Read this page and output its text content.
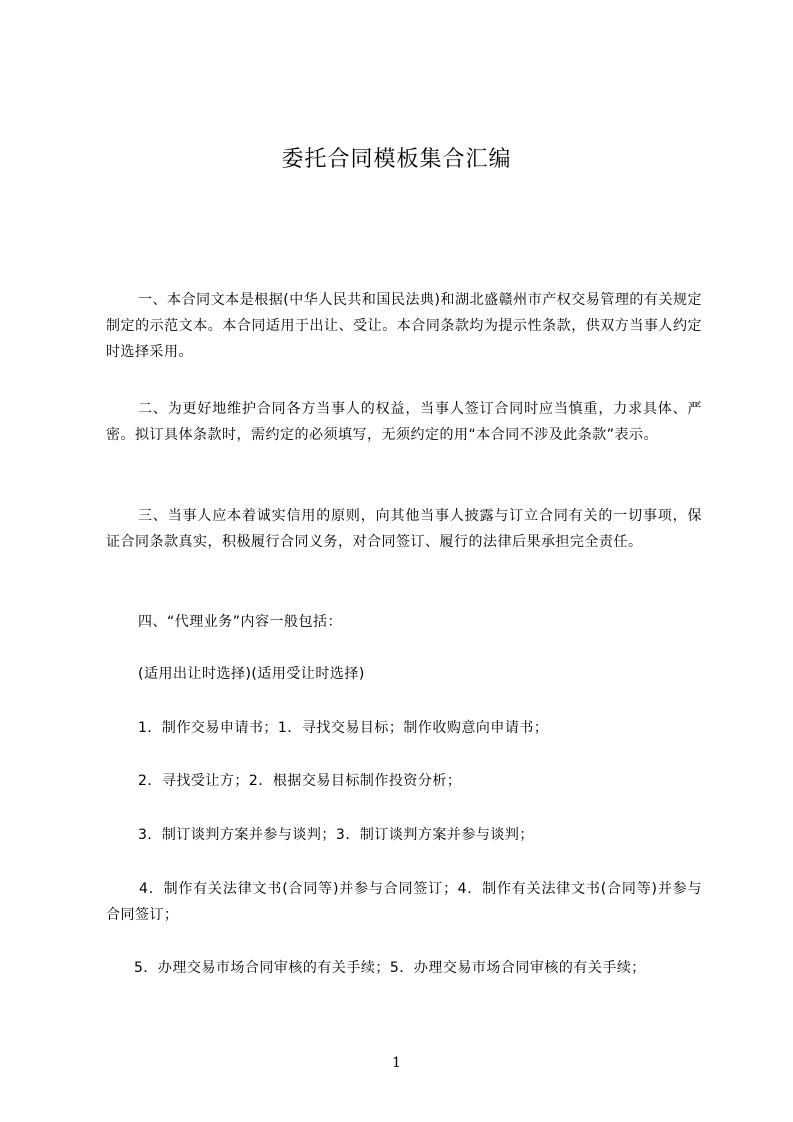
委托合同模板集合汇编
一、本合同文本是根据(中华人民共和国民法典)和湖北盛赣州市产权交易管理的有关规定制定的示范文本。本合同适用于出让、受让。本合同条款均为提示性条款，供双方当事人约定时选择采用。
二、为更好地维护合同各方当事人的权益，当事人签订合同时应当慎重，力求具体、严密。拟订具体条款时，需约定的必须填写，无须约定的用“本合同不涉及此条款”表示。
三、当事人应本着诚实信用的原则，向其他当事人披露与订立合同有关的一切事项，保证合同条款真实，积极履行合同义务，对合同签订、履行的法律后果承担完全责任。
四、“代理业务”内容一般包括：
(适用出让时选择)(适用受让时选择)
1．制作交易申请书；1．寻找交易目标；制作收购意向申请书；
2．寻找受让方；2．根据交易目标制作投资分析；
3．制订谈判方案并参与谈判；3．制订谈判方案并参与谈判；
4．制作有关法律文书(合同等)并参与合同签订；4．制作有关法律文书(合同等)并参与合同签订；
5．办理交易市场合同审核的有关手续；5．办理交易市场合同审核的有关手续；
1
